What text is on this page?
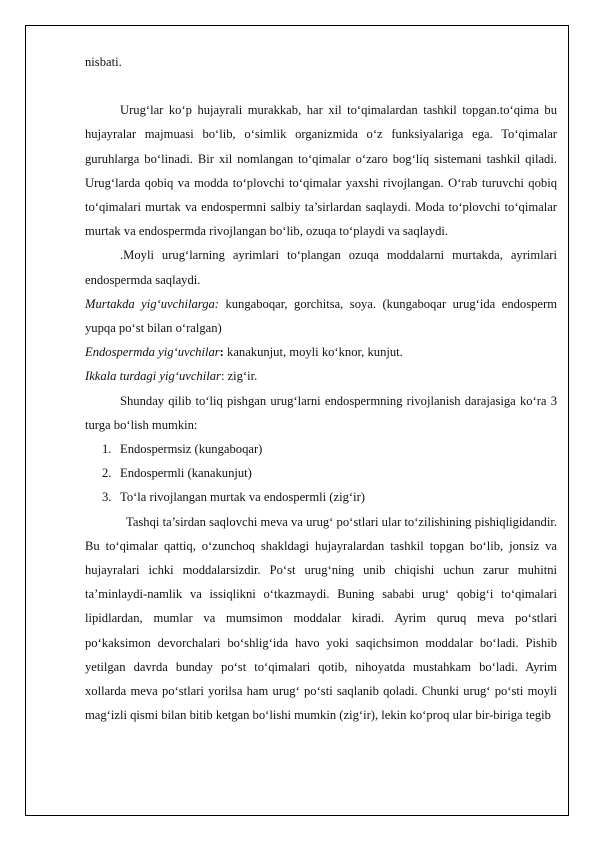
nisbati.

Urug‘lar ko‘p hujayrali murakkab, har xil to‘qimalardan tashkil topgan.to‘qima bu hujayralar majmuasi bo‘lib, o‘simlik organizmida o‘z funksiyalariga ega. To‘qimalar guruhlarga bo‘linadi. Bir xil nomlangan to‘qimalar o‘zaro bog‘liq sistemani tashkil qiladi. Urug‘larda qobiq va modda to‘plovchi to‘qimalar yaxshi rivojlangan. O‘rab turuvchi qobiq to‘qimalari murtak va endospermni salbiy ta’sirlardan saqlaydi. Moda to‘plovchi to‘qimalar murtak va endospermda rivojlangan bo‘lib, ozuqa to‘playdi va saqlaydi.

.Moyli urug‘larning ayrimlari to‘plangan ozuqa moddalarni murtakda, ayrimlari endospermda saqlaydi.

Murtakda yig‘uvchilarga: kungaboqar, gorchitsa, soya. (kungaboqar urug‘ida endosperm yupqa po‘st bilan o‘ralgan)

Endospermda yig‘uvchilar: kanakunjut, moyli ko‘knor, kunjut.

Ikkala turdagi yig‘uvchilar: zig‘ir.

Shunday qilib to‘liq pishgan urug‘larni endospermning rivojlanish darajasiga ko‘ra 3 turga bo‘lish mumkin:

1. Endospermsiz (kungaboqar)
2. Endospermli (kanakunjut)
3. To‘la rivojlangan murtak va endospermli (zig‘ir)

Tashqi ta’sirdan saqlovchi meva va urug‘ po‘stlari ular to‘zilishining pishiqligidandir. Bu to‘qimalar qattiq, o‘zunchoq shakldagi hujayralardan tashkil topgan bo‘lib, jonsiz va hujayralari ichki moddalarsizdir. Po‘st urug‘ning unib chiqishi uchun zarur muhitni ta’minlaydi-namlik va issiqlikni o‘tkazmaydi. Buning sababi urug‘ qobig‘i to‘qimalari lipidlardan, mumlar va mumsimon moddalar kiradi. Ayrim quruq meva po‘stlari po‘kaksimon devorchalari bo‘shlig‘ida havo yoki saqichsimon moddalar bo‘ladi. Pishib yetilgan davrda bunday po‘st to‘qimalari qotib, nihoyatda mustahkam bo‘ladi. Ayrim xollarda meva po‘stlari yorilsa ham urug‘ po‘sti saqlanib qoladi. Chunki urug‘ po‘sti moyli mag‘izli qismi bilan bitib ketgan bo‘lishi mumkin (zig‘ir), lekin ko‘proq ular bir-biriga tegib
